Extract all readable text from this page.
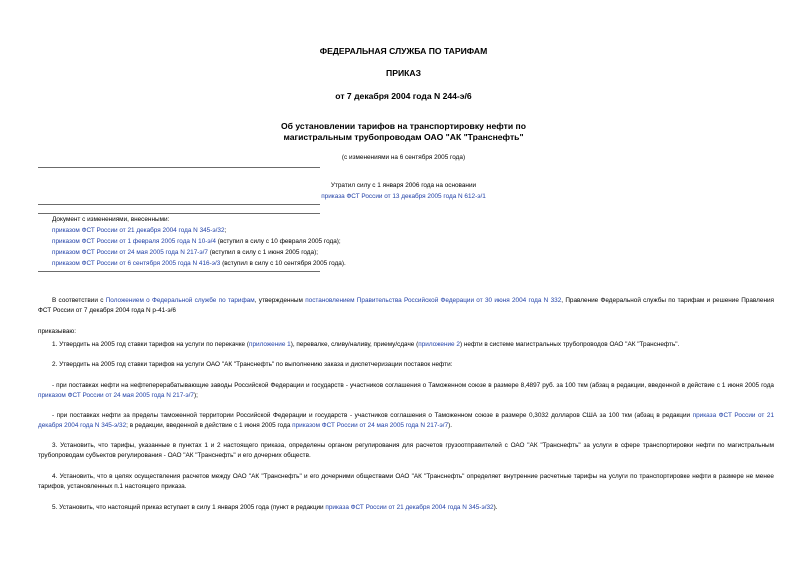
ФЕДЕРАЛЬНАЯ СЛУЖБА ПО ТАРИФАМ
ПРИКАЗ
от 7 декабря 2004 года N 244-э/6
Об установлении тарифов на транспортировку нефти по
магистральным трубопроводам ОАО "АК "Транснефть"
(с изменениями на 6 сентября 2005 года)
Утратил силу с 1 января 2006 года на основании
приказа ФСТ России от 13 декабря 2005 года N 612-э/1
Документ с изменениями, внесенными:
приказом ФСТ России от 21 декабря 2004 года N 345-э/32;
приказом ФСТ России от 1 февраля 2005 года N 10-э/4 (вступил в силу с 10 февраля 2005 года);
приказом ФСТ России от 24 мая 2005 года N 217-э/7 (вступил в силу с 1 июня 2005 года);
приказом ФСТ России от 6 сентября 2005 года N 416-э/3 (вступил в силу с 10 сентября 2005 года).
В соответствии с Положением о Федеральной службе по тарифам, утвержденным постановлением Правительства Российской Федерации от 30 июня 2004 года N 332, Правление Федеральной службы по тарифам и решение Правления ФСТ России от 7 декабря 2004 года N р-41-э/6
приказываю:
1. Утвердить на 2005 год ставки тарифов на услуги по перекачке (приложение 1), перевалке, сливу/наливу, приему/сдаче (приложение 2) нефти в системе магистральных трубопроводов ОАО "АК "Транснефть".
2. Утвердить на 2005 год ставки тарифов на услуги ОАО "АК "Транснефть" по выполнению заказа и диспетчеризации поставок нефти:
- при поставках нефти на нефтеперерабатывающие заводы Российской Федерации и государств - участников соглашения о Таможенном союзе в размере 8,4897 руб. за 100 ткм (абзац в редакции, введенной в действие с 1 июня 2005 года приказом ФСТ России от 24 мая 2005 года N 217-э/7);
- при поставках нефти за пределы таможенной территории Российской Федерации и государств - участников соглашения о Таможенном союзе в размере 0,3032 долларов США за 100 ткм (абзац в редакции приказа ФСТ России от 21 декабря 2004 года N 345-э/32; в редакции, введенной в действие с 1 июня 2005 года приказом ФСТ России от 24 мая 2005 года N 217-э/7).
3. Установить, что тарифы, указанные в пунктах 1 и 2 настоящего приказа, определены органом регулирования для расчетов грузоотправителей с ОАО "АК "Транснефть" за услуги в сфере транспортировки нефти по магистральным трубопроводам субъектов регулирования - ОАО "АК "Транснефть" и его дочерних обществ.
4. Установить, что в целях осуществления расчетов между ОАО "АК "Транснефть" и его дочерними обществами ОАО "АК "Транснефть" определяет внутренние расчетные тарифы на услуги по транспортировке нефти в размере не менее тарифов, установленных п.1 настоящего приказа.
5. Установить, что настоящий приказ вступает в силу 1 января 2005 года (пункт в редакции приказа ФСТ России от 21 декабря 2004 года N 345-э/32).
